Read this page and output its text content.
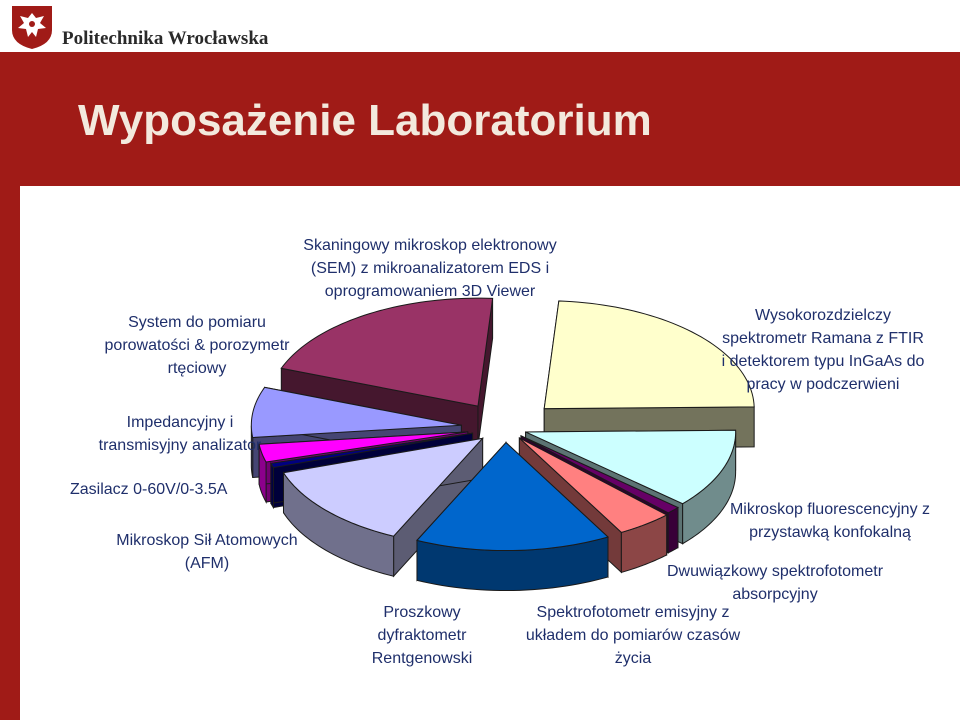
Politechnika Wrocławska
Wyposażenie Laboratorium
Wysokorozdzielczy
spektrometr Ramana z FTIR
i detektorem typu InGaAs do
pracy w podczerwieni
Mikroskop fluorescencyjny z
przystawką konfokalną
Dwuwiązkowy spektrofotometr
absorpcyjny
Spektrofotometr emisyjny z
układem do pomiarów czasów
życia
Proszkowy
dyfraktometr
Rentgenowski
Mikroskop Sił Atomowych
(AFM)
Zasilacz 0-60V/0-3.5A
Impedancyjny i
transmisyjny analizator
System do pomiaru
porowatości & porozymetr
rtęciowy
Skaningowy mikroskop elektronowy
(SEM) z mikroanalizatorem EDS i
oprogramowaniem 3D Viewer
